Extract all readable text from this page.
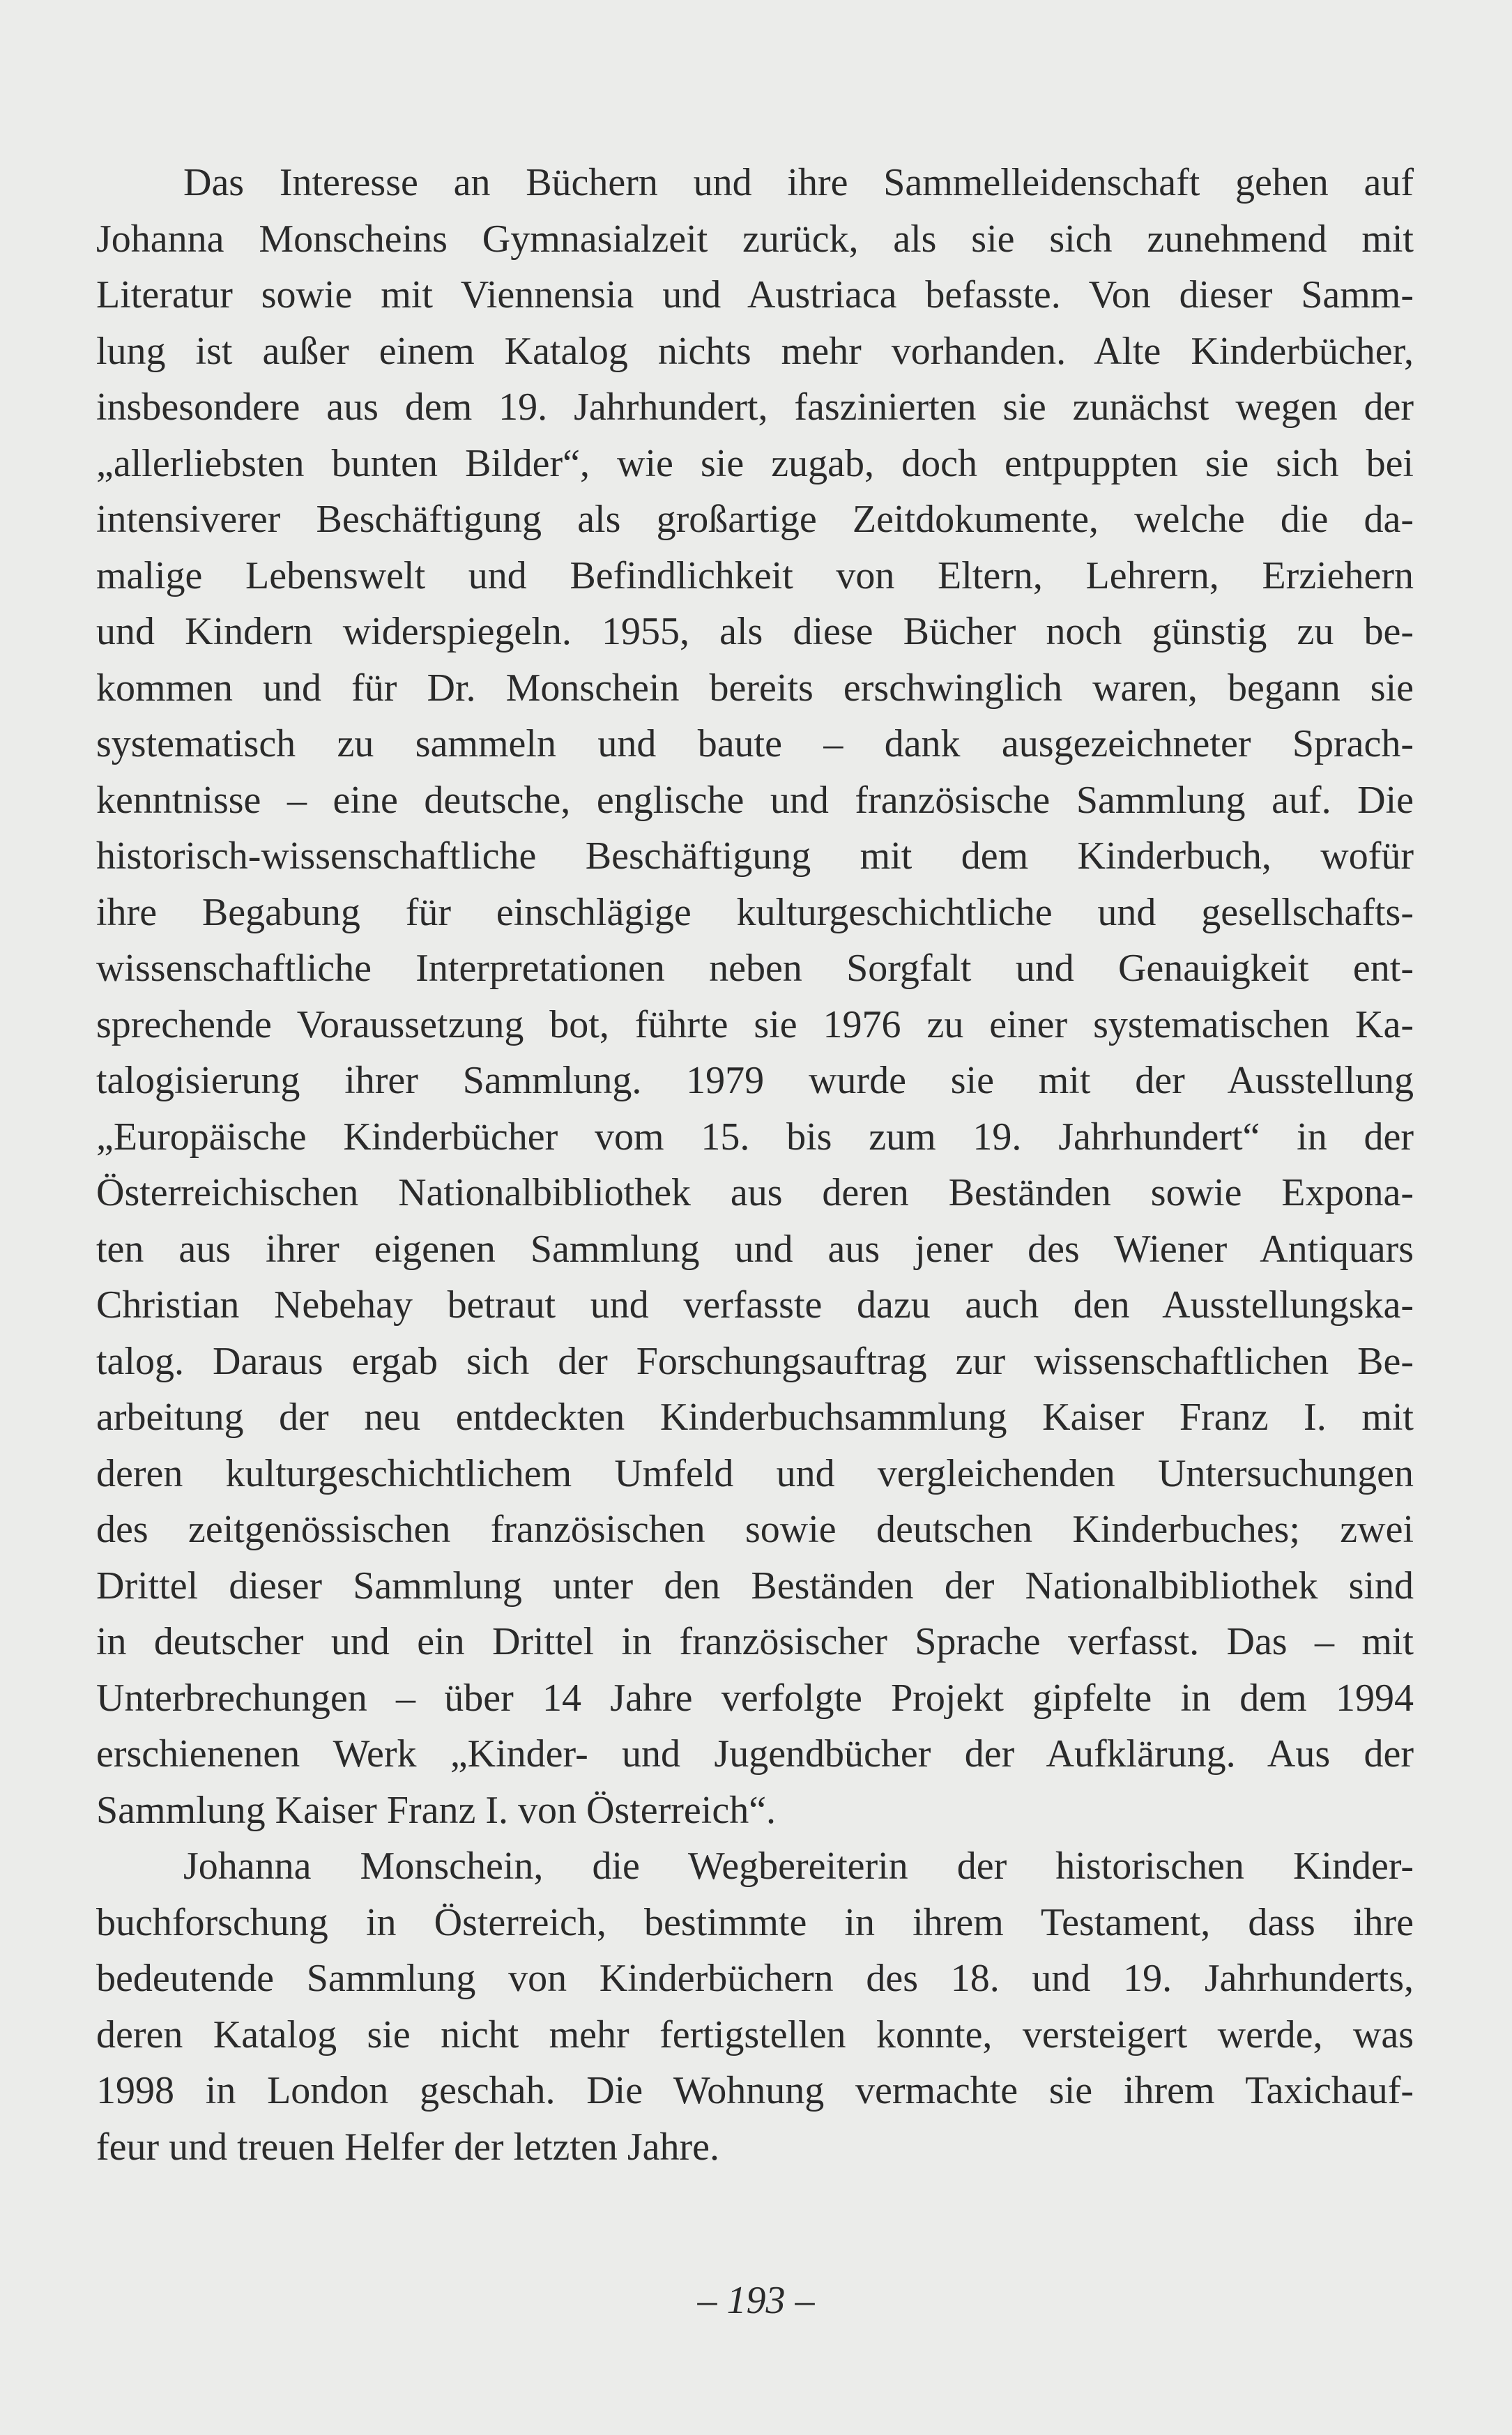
Das Interesse an Büchern und ihre Sammelleidenschaft gehen auf
Johanna Monscheins Gymnasialzeit zurück, als sie sich zunehmend mit
Literatur sowie mit Viennensia und Austriaca befasste. Von dieser Samm-
lung ist außer einem Katalog nichts mehr vorhanden. Alte Kinderbücher,
insbesondere aus dem 19. Jahrhundert, faszinierten sie zunächst wegen der
„allerliebsten bunten Bilder“, wie sie zugab, doch entpuppten sie sich bei
intensiverer Beschäftigung als großartige Zeitdokumente, welche die da-
malige Lebenswelt und Befindlichkeit von Eltern, Lehrern, Erziehern
und Kindern widerspiegeln. 1955, als diese Bücher noch günstig zu be-
kommen und für Dr. Monschein bereits erschwinglich waren, begann sie
systematisch zu sammeln und baute – dank ausgezeichneter Sprach-
kenntnisse – eine deutsche, englische und französische Sammlung auf. Die
historisch-wissenschaftliche Beschäftigung mit dem Kinderbuch, wofür
ihre Begabung für einschlägige kulturgeschichtliche und gesellschafts-
wissenschaftliche Interpretationen neben Sorgfalt und Genauigkeit ent-
sprechende Voraussetzung bot, führte sie 1976 zu einer systematischen Ka-
talogisierung ihrer Sammlung. 1979 wurde sie mit der Ausstellung
„Europäische Kinderbücher vom 15. bis zum 19. Jahrhundert“ in der
Österreichischen Nationalbibliothek aus deren Beständen sowie Expona-
ten aus ihrer eigenen Sammlung und aus jener des Wiener Antiquars
Christian Nebehay betraut und verfasste dazu auch den Ausstellungska-
talog. Daraus ergab sich der Forschungsauftrag zur wissenschaftlichen Be-
arbeitung der neu entdeckten Kinderbuchsammlung Kaiser Franz I. mit
deren kulturgeschichtlichem Umfeld und vergleichenden Untersuchungen
des zeitgenössischen französischen sowie deutschen Kinderbuches; zwei
Drittel dieser Sammlung unter den Beständen der Nationalbibliothek sind
in deutscher und ein Drittel in französischer Sprache verfasst. Das – mit
Unterbrechungen – über 14 Jahre verfolgte Projekt gipfelte in dem 1994
erschienenen Werk „Kinder- und Jugendbücher der Aufklärung. Aus der
Sammlung Kaiser Franz I. von Österreich“.

Johanna Monschein, die Wegbereiterin der historischen Kinder-
buchforschung in Österreich, bestimmte in ihrem Testament, dass ihre
bedeutende Sammlung von Kinderbüchern des 18. und 19. Jahrhunderts,
deren Katalog sie nicht mehr fertigstellen konnte, versteigert werde, was
1998 in London geschah. Die Wohnung vermachte sie ihrem Taxichauf-
feur und treuen Helfer der letzten Jahre.

– 193 –
